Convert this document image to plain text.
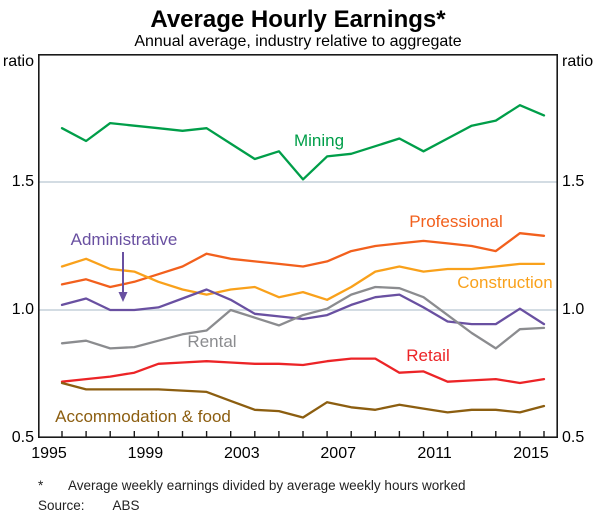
Average Hourly Earnings*
Annual average, industry relative to aggregate
ratio	ratio
0.5	0.5
1.0	1.0
1.5	1.5
1995	1999	2003	2007	2011	2015
Mining
Professional
Construction
Administrative
Rental
Retail
Accommodation & food
* Average weekly earnings divided by average weekly hours worked
Source: ABS
